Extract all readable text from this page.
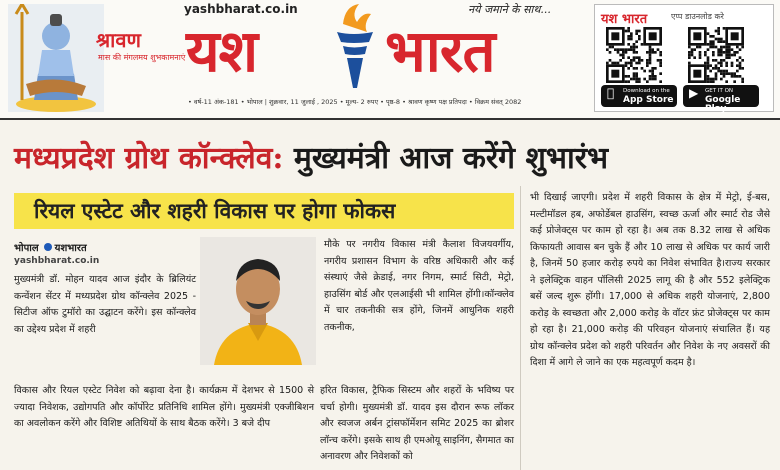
श्रावण
मास की मंगलमय शुभकामनाएं
yashbharat.co.in	नये जमाने के साथ...
यश भारत
• वर्ष-11 अंक-181 • भोपाल | शुक्रवार, 11 जुलाई , 2025 • मूल्य- 2 रुपए • पृष्ठ-8 • श्रावण कृष्ण पक्ष प्रतिपदा • विक्रम संवत् 2082
यश भारत	एप्प डाउनलोड करे
Download on the
App Store ▶ GET IT ON
Google Play
मध्यप्रदेश ग्रोथ कॉन्क्लेव: मुख्यमंत्री आज करेंगे शुभारंभ
रियल एस्टेट और शहरी विकास पर होगा फोकस
भोपाल यशभारत
yashbharat.co.in

मुख्यमंत्री डॉ. मोहन यादव आज इंदौर के ब्रिलियंट कन्वेंशन सेंटर में मध्यप्रदेश ग्रोथ कॉन्क्लेव 2025 - सिटीज ऑफ टुमॉरो का उद्घाटन करेंगे। इस कॉन्क्लेव का उद्देश्य प्रदेश में शहरी

विकास और रियल एस्टेट निवेश को बढ़ावा देना है। कार्यक्रम में देशभर से 1500 से ज्यादा निवेशक, उद्योगपति और कॉर्पोरेट प्रतिनिधि शामिल होंगे। मुख्यमंत्री एक्जीबिशन का अवलोकन करेंगे और विशिष्ट अतिथियों के साथ बैठक करेंगे। 3 बजे दीप

मौके पर नगरीय विकास मंत्री कैलाश विजयवर्गीय, नगरीय प्रशासन विभाग के वरिष्ठ अधिकारी और कई संस्थाएं जैसे क्रेडाई, नगर निगम, स्मार्ट सिटी, मेट्रो, हाउसिंग बोर्ड और एलआईसी भी शामिल होंगी।कॉन्क्लेव में चार तकनीकी सत्र होंगे, जिनमें आधुनिक शहरी तकनीक,

हरित विकास, ट्रैफिक सिस्टम और शहरों के भविष्य पर चर्चा होगी। मुख्यमंत्री डॉ. यादव इस दौरान रूफ लॉकर और स्वजज अर्बन ट्रांसफॉर्मेशन समिट 2025 का ब्रोशर लॉन्च करेंगे। इसके साथ ही एमओयू साइनिंग, सैगमात का अनावरण और निवेशकों को

भी दिखाई जाएगी। प्रदेश में शहरी विकास के क्षेत्र में मेट्रो, ई-बस, मल्टीमॉडल हब, अफोर्डेबल हाउसिंग, स्वच्छ ऊर्जा और स्मार्ट रोड जैसे कई प्रोजेक्ट्स पर काम हो रहा है। अब तक 8.32 लाख से अधिक किफायती आवास बन चुके हैं और 10 लाख से अधिक पर कार्य जारी है, जिनमें 50 हजार करोड़ रुपये का निवेश संभावित है।राज्य सरकार ने इलेक्ट्रिक वाहन पॉलिसी 2025 लागू की है और 552 इलेक्ट्रिक बसें जल्द शुरू होंगी। 17,000 से अधिक शहरी योजनाएं, 2,800 करोड़ के स्वच्छता और 2,000 करोड़ के वॉटर फ्रंट प्रोजेक्ट्स पर काम हो रहा है। 21,000 करोड़ की परिवहन योजनाएं संचालित हैं। यह ग्रोथ कॉन्क्लेव प्रदेश को शहरी परिवर्तन और निवेश के नए अवसरों की दिशा में आगे ले जाने का एक महत्वपूर्ण कदम है।
